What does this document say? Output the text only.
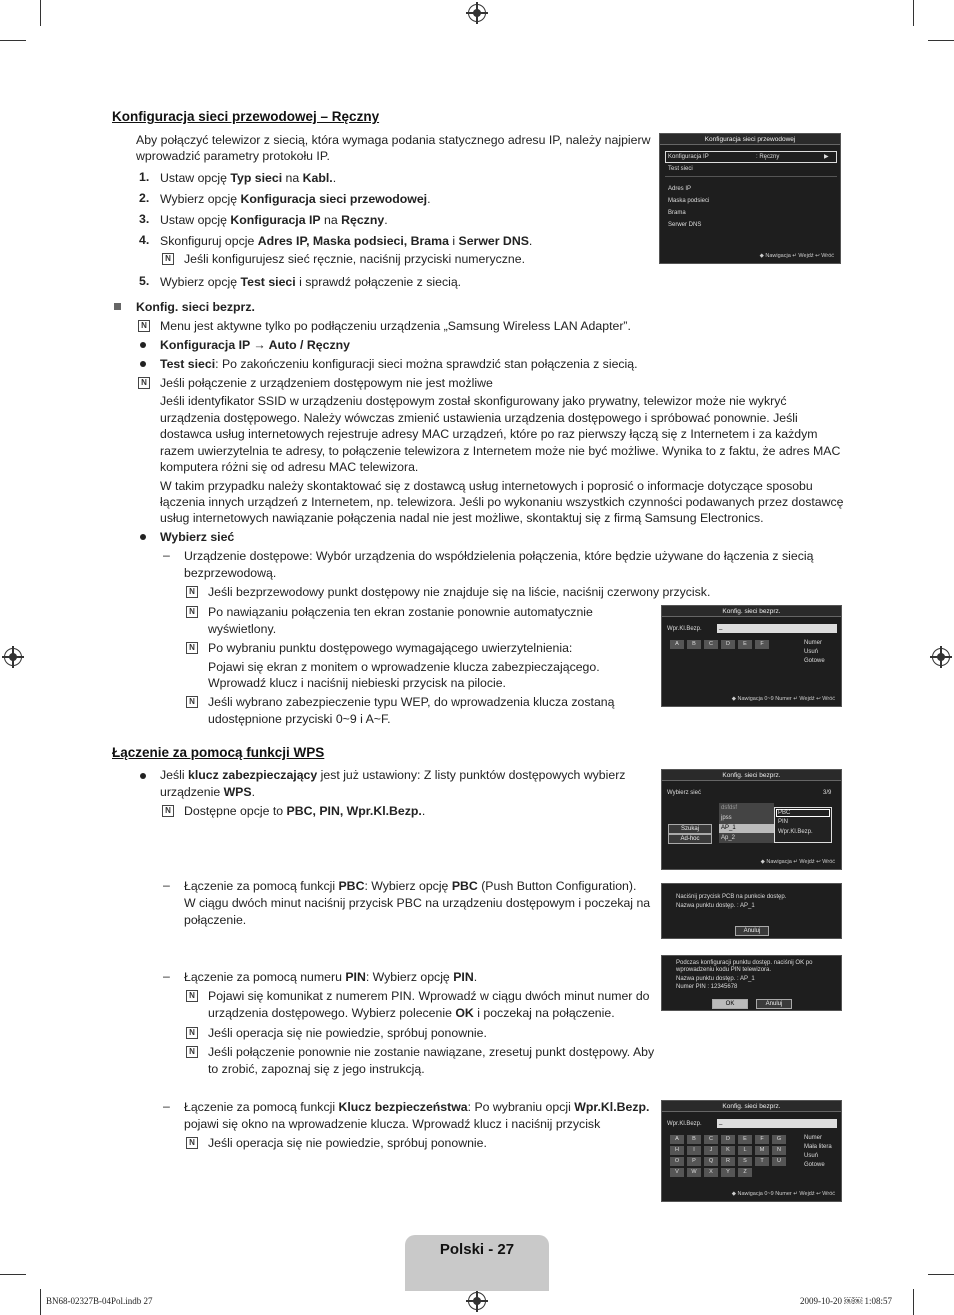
Konfiguracja sieci przewodowej – Ręczny
Aby połączyć telewizor z siecią, która wymaga podania statycznego adresu IP, należy najpierw
wprowadzić parametry protokołu IP.
1. Ustaw opcję Typ sieci na Kabl..
2. Wybierz opcję Konfiguracja sieci przewodowej.
3. Ustaw opcję Konfiguracja IP na Ręczny.
4. Skonfiguruj opcje Adres IP, Maska podsieci, Brama i Serwer DNS.
N Jeśli konfigurujesz sieć ręcznie, naciśnij przyciski numeryczne.
5. Wybierz opcję Test sieci i sprawdź połączenie z siecią.
Konfiguracja sieci przewodowej
Konfiguracja IP	: Ręczny	▶
Test sieci
Adres IP
Maska podsieci
Brama
Serwer DNS
◆ Nawigacja ↵ Wejdź ↩ Wróć
Konfig. sieci bezprz.
N Menu jest aktywne tylko po podłączeniu urządzenia „Samsung Wireless LAN Adapter”.
Konfiguracja IP → Auto / Ręczny
Test sieci: Po zakończeniu konfiguracji sieci można sprawdzić stan połączenia z siecią.
N Jeśli połączenie z urządzeniem dostępowym nie jest możliwe
Jeśli identyfikator SSID w urządzeniu dostępowym został skonfigurowany jako prywatny, telewizor może nie wykryć
urządzenia dostępowego. Należy wówczas zmienić ustawienia urządzenia dostępowego i spróbować ponownie. Jeśli
dostawca usług internetowych rejestruje adresy MAC urządzeń, które po raz pierwszy łączą się z Internetem i za każdym
razem uwierzytelnia te adresy, to połączenie telewizora z Internetem może nie być możliwe. Wynika to z faktu, że adres MAC
komputera różni się od adresu MAC telewizora.
W takim przypadku należy skontaktować się z dostawcą usług internetowych i poprosić o informacje dotyczące sposobu
łączenia innych urządzeń z Internetem, np. telewizora. Jeśli po wykonaniu wszystkich czynności podawanych przez dostawcę
usług internetowych nawiązanie połączenia nadal nie jest możliwe, skontaktuj się z firmą Samsung Electronics.
Wybierz sieć
– Urządzenie dostępowe: Wybór urządzenia do współdzielenia połączenia, które będzie używane do łączenia z siecią
bezprzewodową.
N Jeśli bezprzewodowy punkt dostępowy nie znajduje się na liście, naciśnij czerwony przycisk.
N Po nawiązaniu połączenia ten ekran zostanie ponownie automatycznie
wyświetlony.
N Po wybraniu punktu dostępowego wymagającego uwierzytelnienia:
Pojawi się ekran z monitem o wprowadzenie klucza zabezpieczającego.
Wprowadź klucz i naciśnij niebieski przycisk na pilocie.
N Jeśli wybrano zabezpieczenie typu WEP, do wprowadzenia klucza zostaną
udostępnione przyciski 0~9 i A~F.
Konfig. sieci bezprz.
Wpr.Kl.Bezp.	_
A	B	C	D	E	F	Numer
Usuń
Gotowe
◆ Nawigacja 0~9 Numer ↵ Wejdź ↩ Wróć
Łączenie za pomocą funkcji WPS
Jeśli klucz zabezpieczający jest już ustawiony: Z listy punktów dostępowych wybierz
urządzenie WPS.
N Dostępne opcje to PBC, PIN, Wpr.Kl.Bezp..
Konfig. sieci bezprz.
Wybierz sieć	3/9
dsfdsf
jpss
AP_1
Ap_2
Szukaj
Ad-hoc
PBC
PIN
Wpr.Kl.Bezp.
◆ Nawigacja ↵ Wejdź ↩ Wróć
– Łączenie za pomocą funkcji PBC: Wybierz opcję PBC (Push Button Configuration).
W ciągu dwóch minut naciśnij przycisk PBC na urządzeniu dostępowym i poczekaj na
połączenie.
Naciśnij przycisk PCB na punkcie dostęp.
Nazwa punktu dostęp. : AP_1
Anuluj
– Łączenie za pomocą numeru PIN: Wybierz opcję PIN.
N Pojawi się komunikat z numerem PIN. Wprowadź w ciągu dwóch minut numer do
urządzenia dostępowego. Wybierz polecenie OK i poczekaj na połączenie.
N Jeśli operacja się nie powiedzie, spróbuj ponownie.
N Jeśli połączenie ponownie nie zostanie nawiązane, zresetuj punkt dostępowy. Aby
to zrobić, zapoznaj się z jego instrukcją.
Podczas konfiguracji punktu dostęp. naciśnij OK po
wprowadzeniu kodu PIN telewizora.
Nazwa punktu dostęp. : AP_1
Numer PIN : 12345678
OK	Anuluj
– Łączenie za pomocą funkcji Klucz bezpieczeństwa: Po wybraniu opcji Wpr.Kl.Bezp.
pojawi się okno na wprowadzenie klucza. Wprowadź klucz i naciśnij przycisk
N Jeśli operacja się nie powiedzie, spróbuj ponownie.
Konfig. sieci bezprz.
Wpr.Kl.Bezp.	_
A	B	C	D	E	F	G
H	I	J	K	L	M	N
O	P	Q	R	S	T	U
V	W	X	Y	Z
Numer
Mała litera
Usuń
Gotowe
◆ Nawigacja 0~9 Numer ↵ Wejdź ↩ Wróć
Polski - 27
BN68-02327B-04Pol.indb 27	2009-10-20 ￼￼ 1:08:57
